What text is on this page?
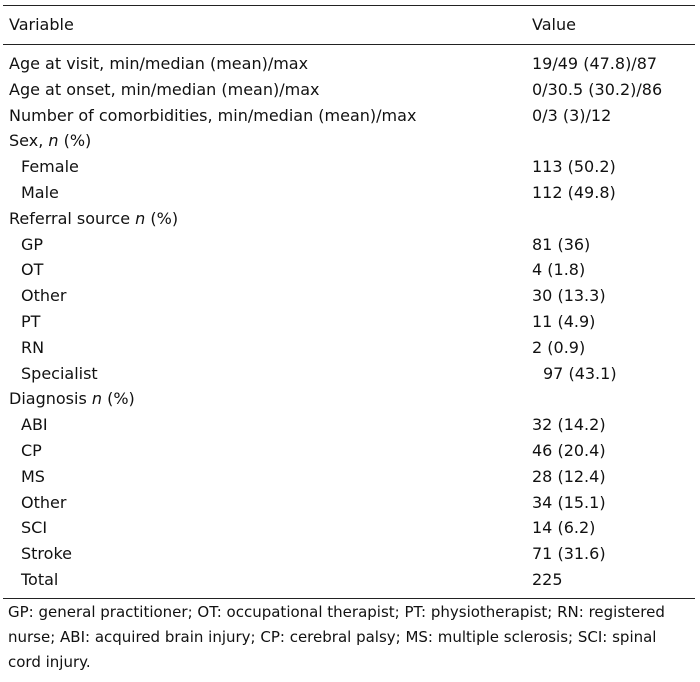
Variable	Value
Age at visit, min/median (mean)/max	19/49 (47.8)/87
Age at onset, min/median (mean)/max	0/30.5 (30.2)/86
Number of comorbidities, min/median (mean)/max	0/3 (3)/12
Sex, n (%)
Female	113 (50.2)
Male	112 (49.8)
Referral source n (%)
GP	81 (36)
OT	4 (1.8)
Other	30 (13.3)
PT	11 (4.9)
RN	2 (0.9)
Specialist	97 (43.1)
Diagnosis n (%)
ABI	32 (14.2)
CP	46 (20.4)
MS	28 (12.4)
Other	34 (15.1)
SCI	14 (6.2)
Stroke	71 (31.6)
Total	225
GP: general practitioner; OT: occupational therapist; PT: physiotherapist; RN: registered nurse; ABI: acquired brain injury; CP: cerebral palsy; MS: multiple sclerosis; SCI: spinal cord injury.
